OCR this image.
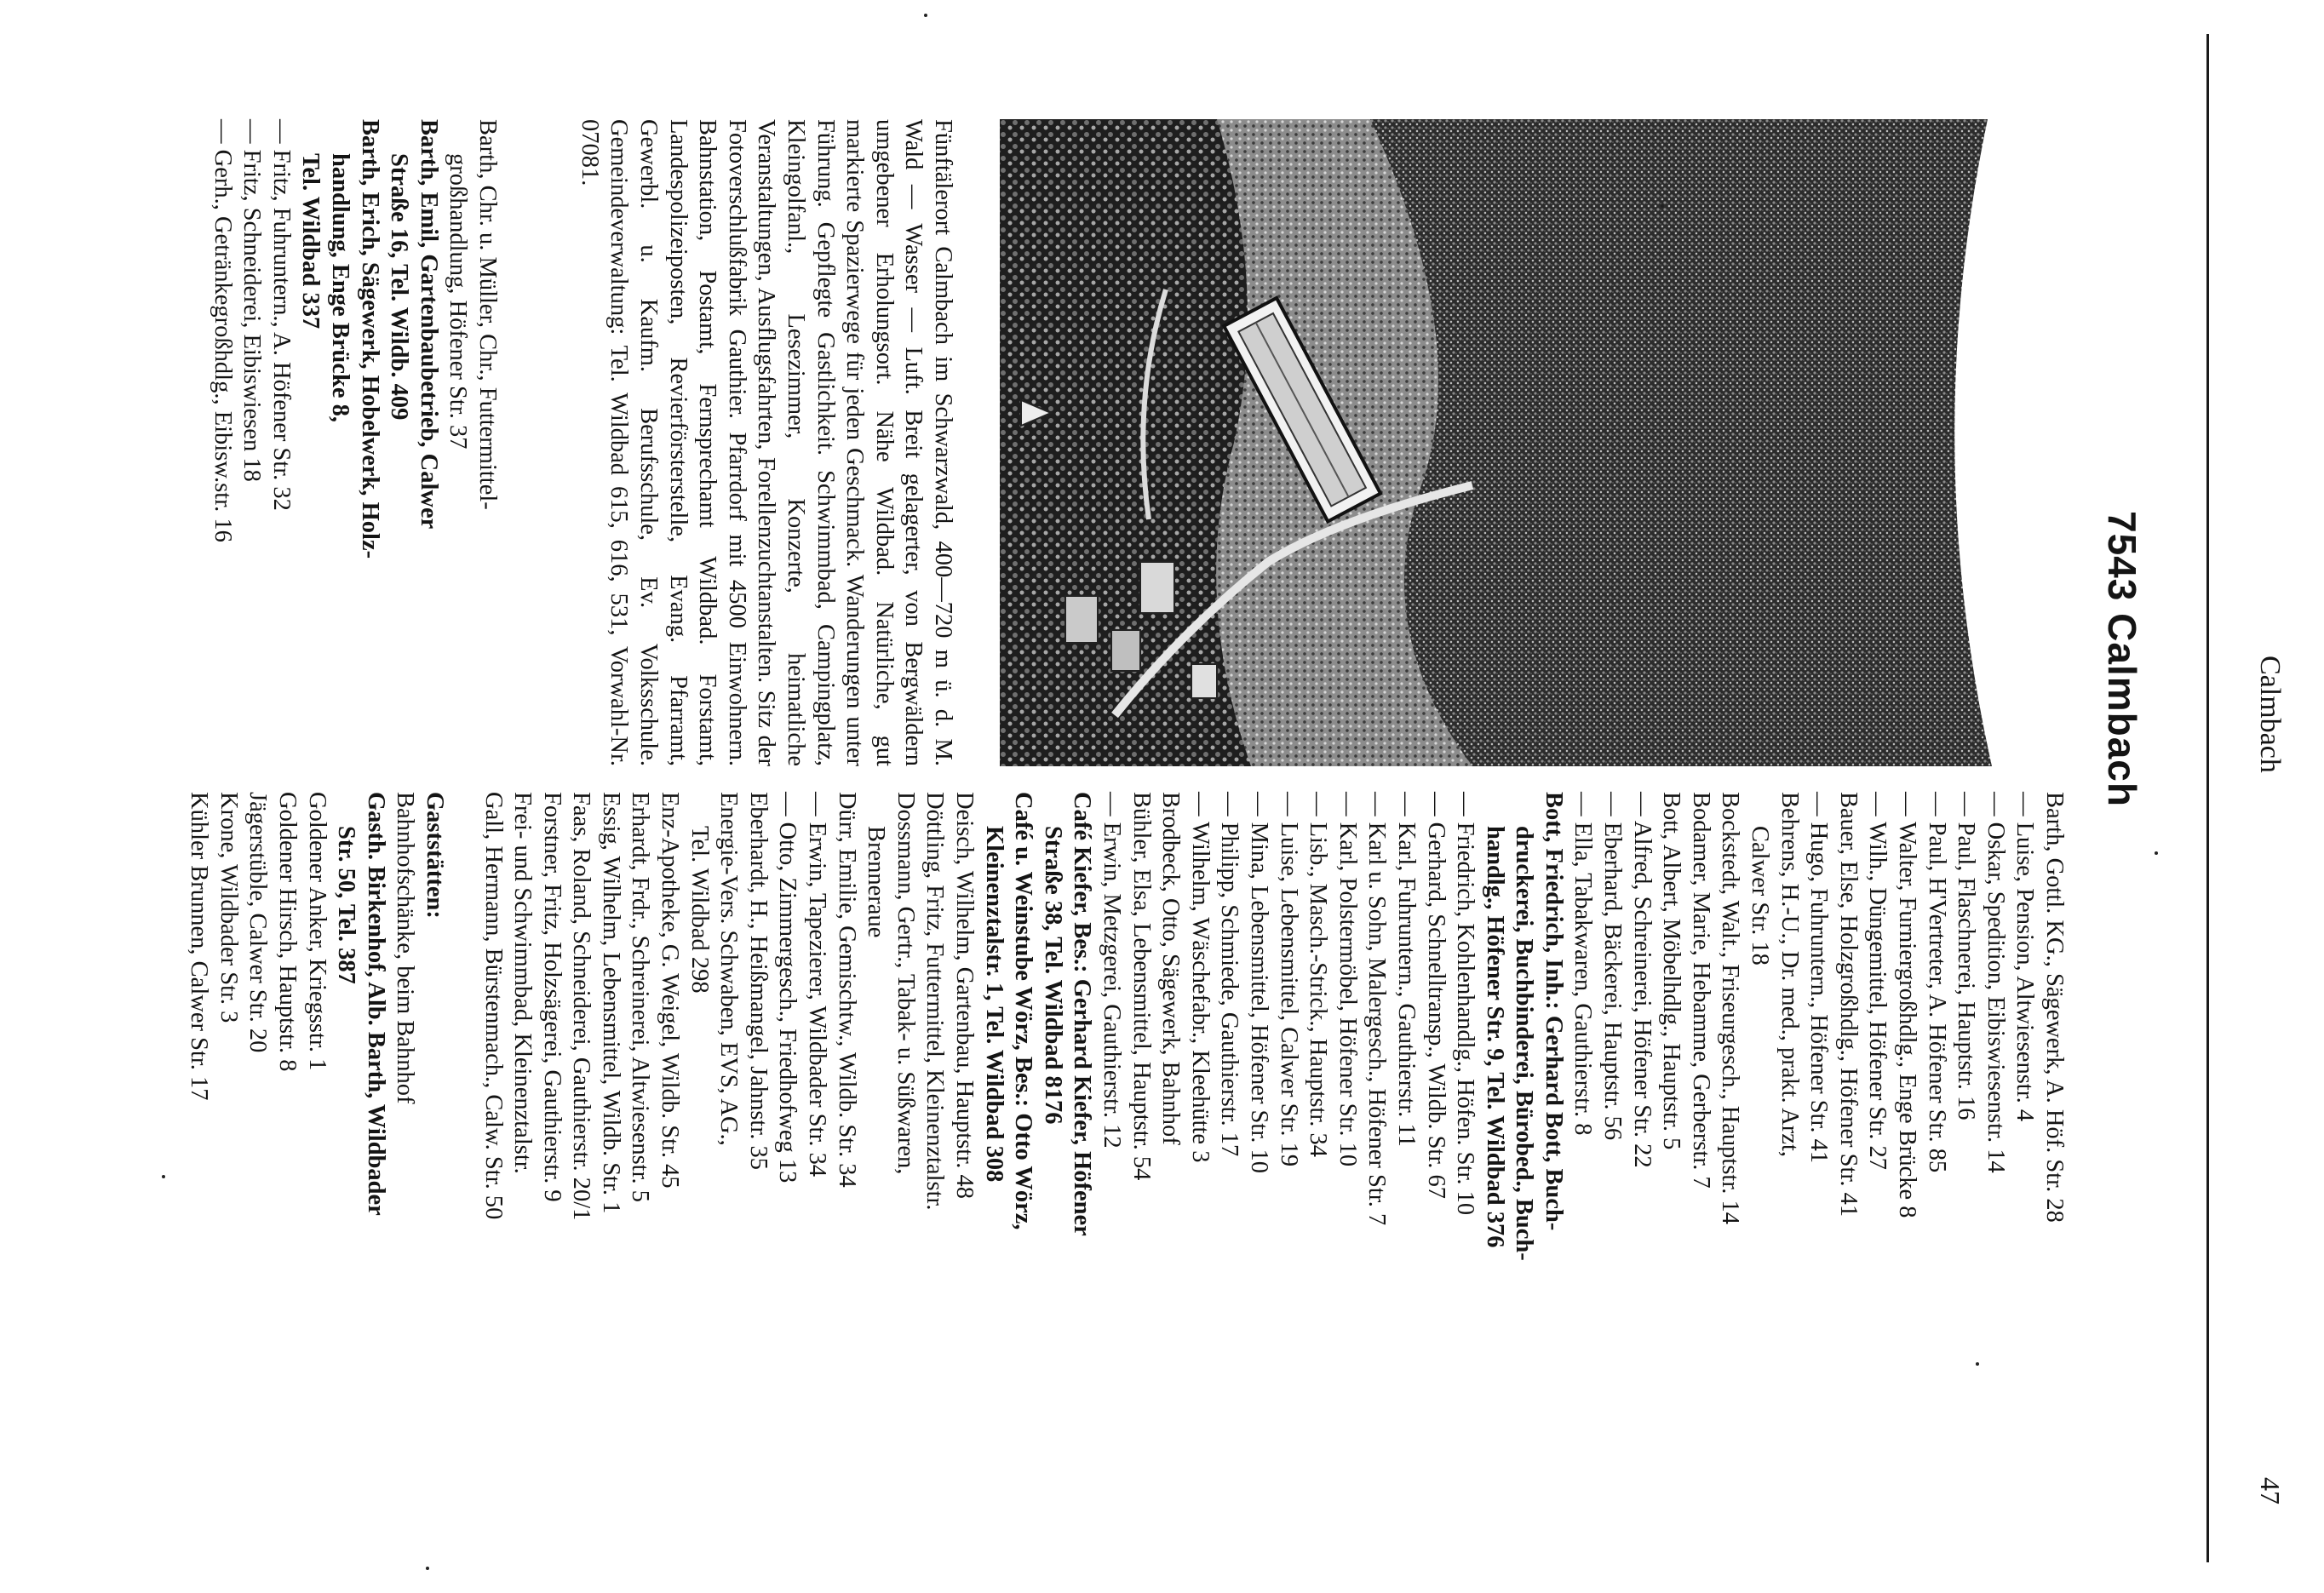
47
Calmbach
7543 Calmbach
Fünftälerort Calmbach im Schwarzwald, 400—720 m ü. d. M. Wald — Wasser — Luft. Breit gelagerter, von Bergwäldern umgebener Erholungsort. Nähe Wildbad. Natürliche, gut markierte Spazierwege für jeden Geschmack. Wanderungen unter Führung. Gepflegte Gastlichkeit. Schwimmbad, Campingplatz, Kleingolfanl., Lesezimmer, Konzerte, heimatliche Veranstaltungen, Ausflugsfahrten, Forellenzuchtanstalten. Sitz der Fotoverschlußfabrik Gauthier. Pfarrdorf mit 4500 Einwohnern. Bahnstation, Postamt, Fernsprechamt Wildbad. Forstamt, Landespolizeiposten, Revierförsterstelle, Evang. Pfarramt, Gewerbl. u. Kaufm. Berufsschule, Ev. Volksschule. Gemeindeverwaltung: Tel. Wildbad 615, 616, 531, Vorwahl-Nr. 07081.
Barth, Chr. u. Müller, Chr., Futtermittel-
großhandlung, Höfener Str. 37
Barth, Emil, Gartenbaubetrieb, Calwer
Straße 16, Tel. Wildb. 409
Barth, Erich, Sägewerk, Hobelwerk, Holz-
handlung, Enge Brücke 8,
Tel. Wildbad 337
— Fritz, Fuhruntern., A. Höfener Str. 32
— Fritz, Schneiderei, Eibiswiesen 18
— Gerh., Getränkegroßhdlg., Eibisw.str. 16
Barth, Gottl. KG., Sägewerk, A. Höf. Str. 28
— Luise, Pension, Altwiesenstr. 4
— Oskar, Spedition, Eibiswiesenstr. 14
— Paul, Flaschnerei, Hauptstr. 16
— Paul, H'Vertreter, A. Höfener Str. 85
— Walter, Furniergroßhdlg., Enge Brücke 8
— Wilh., Düngemittel, Höfener Str. 27
Bauer, Else, Holzgroßhdlg., Höfener Str. 41
— Hugo, Fuhruntern., Höfener Str. 41
Behrens, H.-U., Dr. med., prakt. Arzt,
Calwer Str. 18
Bockstedt, Walt., Friseurgesch., Hauptstr. 14
Bodamer, Marie, Hebamme, Gerberstr. 7
Bott, Albert, Möbelhdlg., Hauptstr. 5
— Alfred, Schreinerei, Höfener Str. 22
— Eberhard, Bäckerei, Hauptstr. 56
— Ella, Tabakwaren, Gauthierstr. 8
Bott, Friedrich, Inh.: Gerhard Bott, Buch-
druckerei, Buchbinderei, Bürobed., Buch-
handlg., Höfener Str. 9, Tel. Wildbad 376
— Friedrich, Kohlenhandlg., Höfen. Str. 10
— Gerhard, Schnelltransp., Wildb. Str. 67
— Karl, Fuhruntern., Gauthierstr. 11
— Karl u. Sohn, Malergesch., Höfener Str. 7
— Karl, Polstermöbel, Höfener Str. 10
— Lisb., Masch.-Strick., Hauptstr. 34
— Luise, Lebensmittel, Calwer Str. 19
— Mina, Lebensmittel, Höfener Str. 10
— Philipp, Schmiede, Gauthierstr. 17
— Wilhelm, Wäschefabr., Kleehütte 3
Brodbeck, Otto, Sägewerk, Bahnhof
Bühler, Elsa, Lebensmittel, Hauptstr. 54
— Erwin, Metzgerei, Gauthierstr. 12
Café Kiefer, Bes.: Gerhard Kiefer, Höfener
Straße 38, Tel. Wildbad 8176
Café u. Weinstube Wörz, Bes.: Otto Wörz,
Kleinenztalstr. 1, Tel. Wildbad 308
Deisch, Wilhelm, Gartenbau, Hauptstr. 48
Döttling, Fritz, Futtermittel, Kleinenztalstr.
Dossmann, Gertr., Tabak- u. Süßwaren,
Brenneraue
Dürr, Emilie, Gemischtw., Wildb. Str. 34
— Erwin, Tapezierer, Wildbader Str. 34
— Otto, Zimmergesch., Friedhofweg 13
Eberhardt, H., Heißmangel, Jahnstr. 35
Energie-Vers. Schwaben, EVS, AG.,
Tel. Wildbad 298
Enz-Apotheke, G. Weigel, Wildb. Str. 45
Erhardt, Frdr., Schreinerei, Altwiesenstr. 5
Essig, Wilhelm, Lebensmittel, Wildb. Str. 1
Faas, Roland, Schneiderei, Gauthierstr. 20/1
Forstner, Fritz, Holzsägerei, Gauthierstr. 9
Frei- und Schwimmbad, Kleinenztalstr.
Gall, Hermann, Bürstenmach., Calw. Str. 50
Gaststätten:
Bahnhofschänke, beim Bahnhof
Gasth. Birkenhof, Alb. Barth, Wildbader
Str. 50, Tel. 387
Goldener Anker, Kriegsstr. 1
Goldener Hirsch, Hauptstr. 8
Jägerstüble, Calwer Str. 20
Krone, Wildbader Str. 3
Kühler Brunnen, Calwer Str. 17
